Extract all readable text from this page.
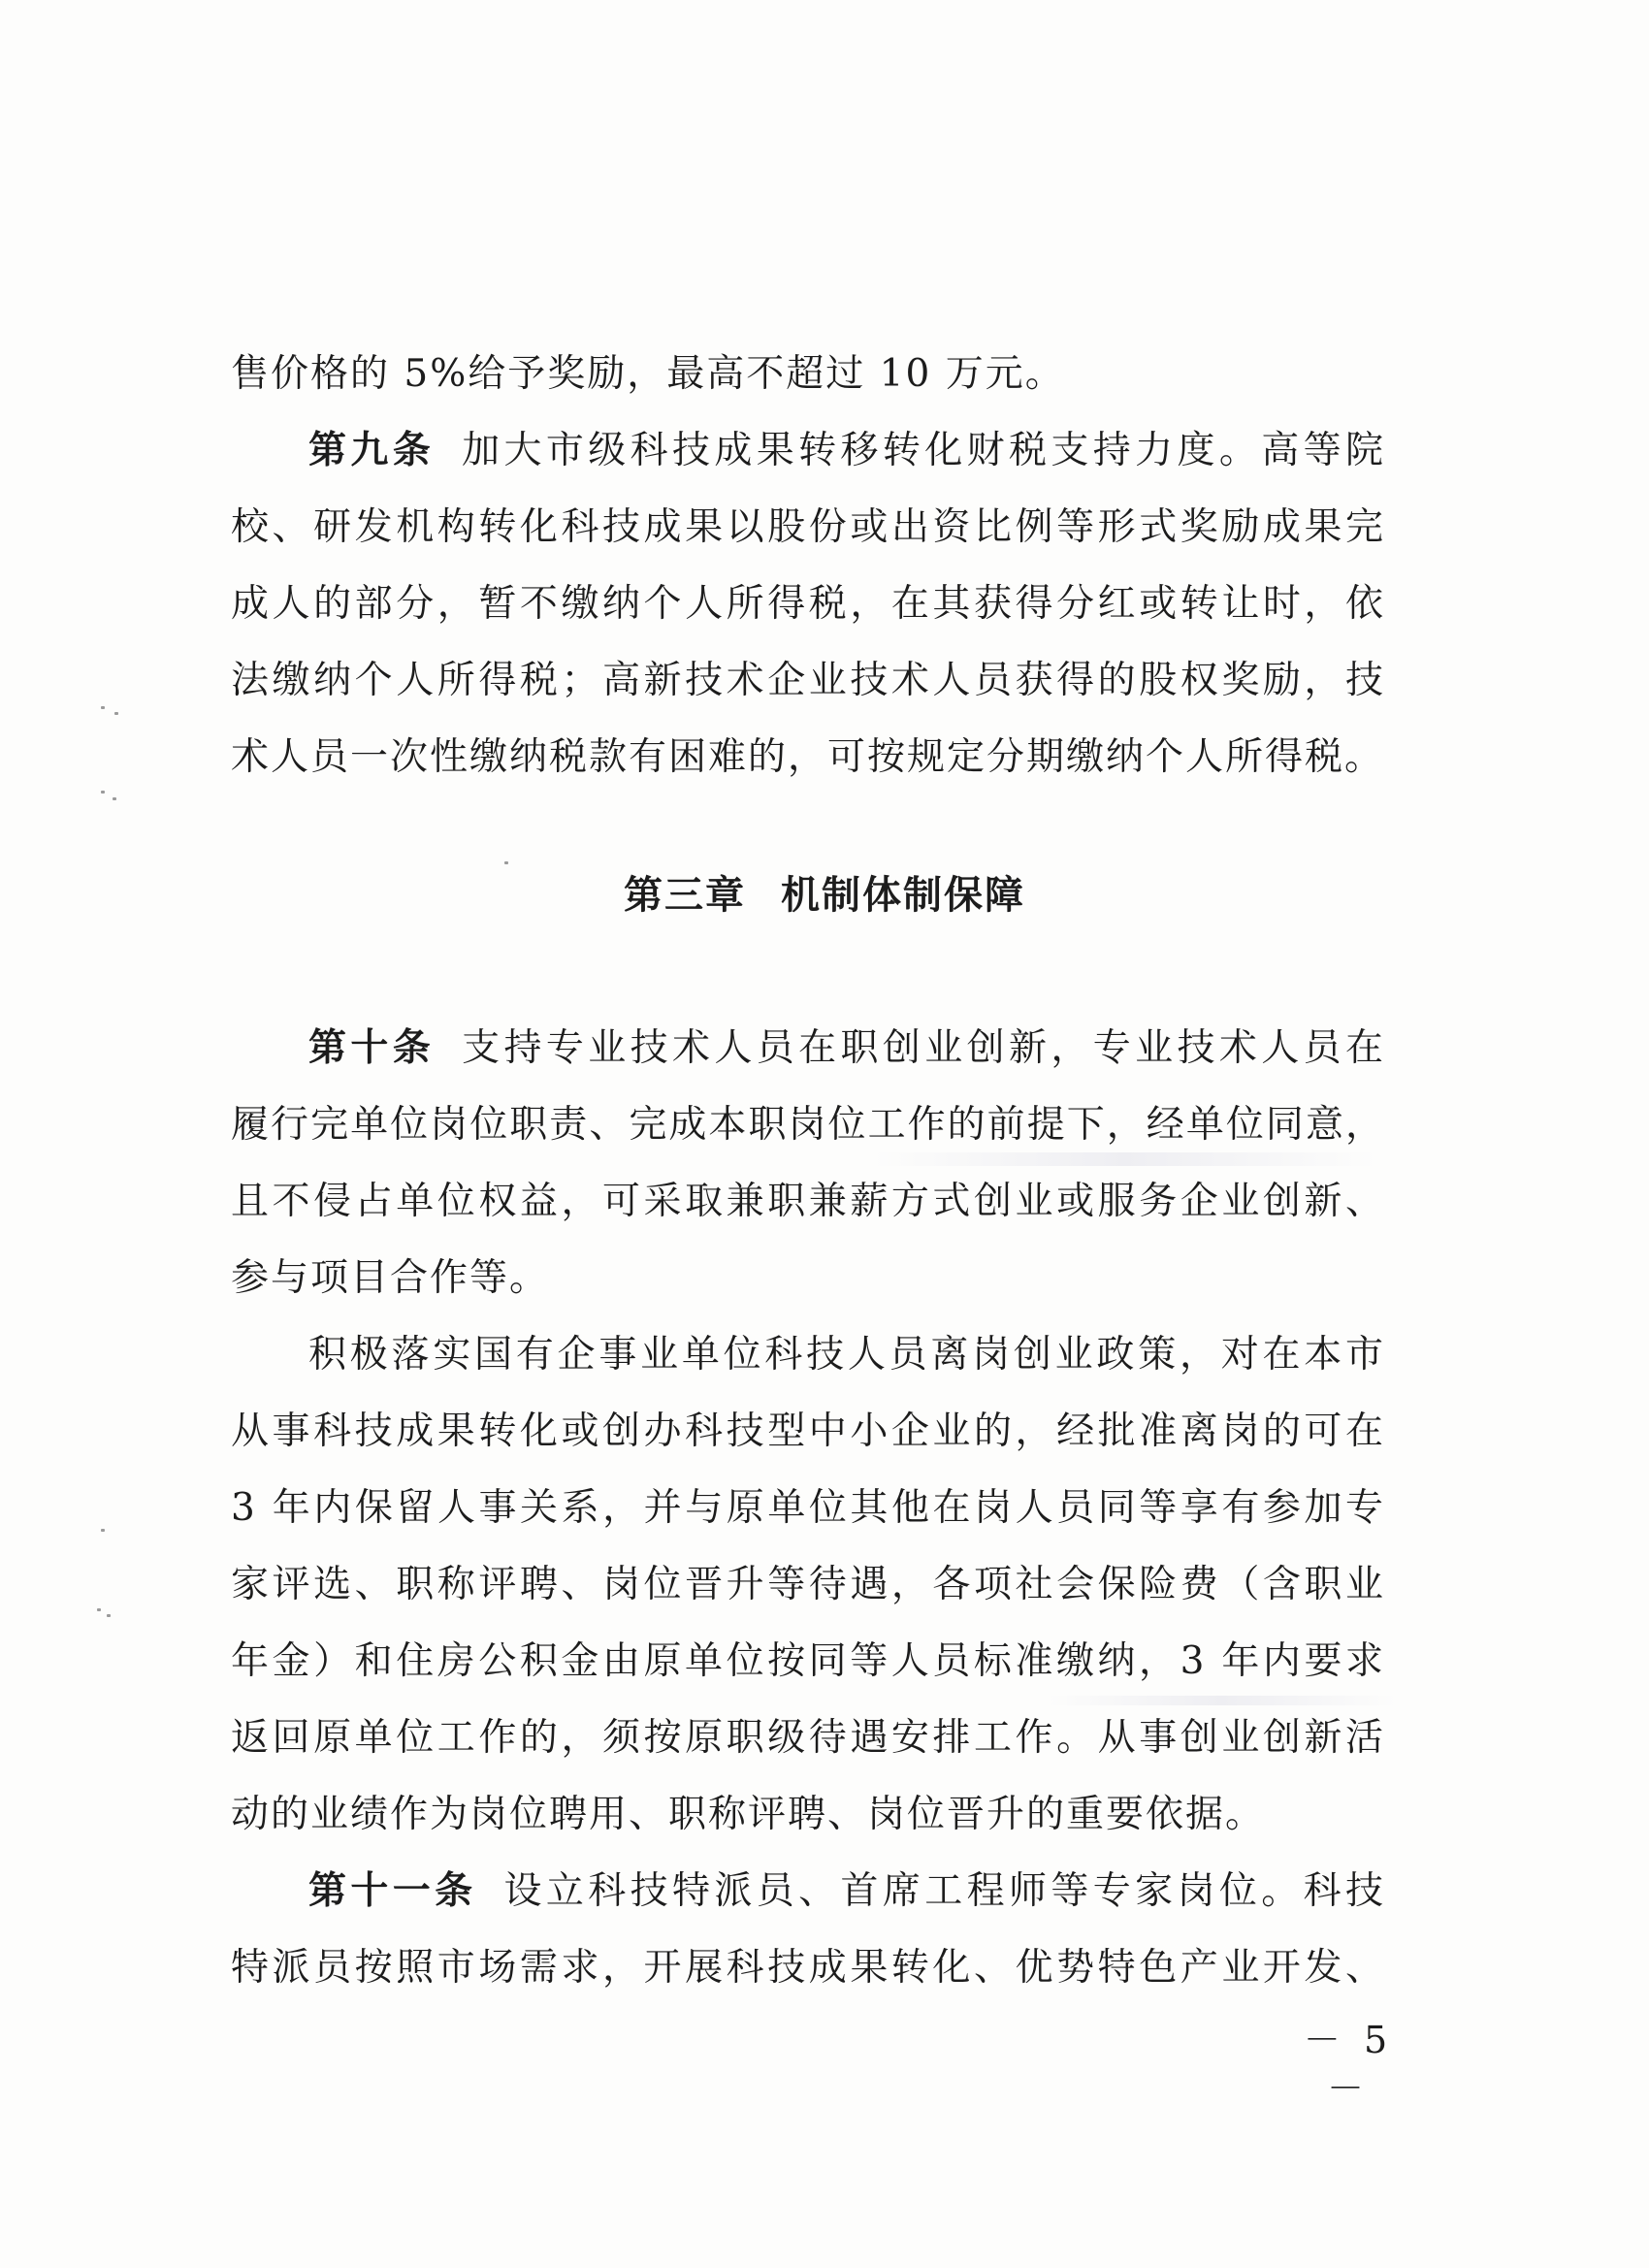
售价格的 5%给予奖励，最高不超过 10 万元。

第九条 加大市级科技成果转移转化财税支持力度。高等院

校、研发机构转化科技成果以股份或出资比例等形式奖励成果完

成人的部分，暂不缴纳个人所得税，在其获得分红或转让时，依

法缴纳个人所得税；高新技术企业技术人员获得的股权奖励，技

术人员一次性缴纳税款有困难的，可按规定分期缴纳个人所得税。

第三章 机制体制保障

第十条 支持专业技术人员在职创业创新，专业技术人员在

履行完单位岗位职责、完成本职岗位工作的前提下，经单位同意，

且不侵占单位权益，可采取兼职兼薪方式创业或服务企业创新、

参与项目合作等。

积极落实国有企事业单位科技人员离岗创业政策，对在本市

从事科技成果转化或创办科技型中小企业的，经批准离岗的可在

3 年内保留人事关系，并与原单位其他在岗人员同等享有参加专

家评选、职称评聘、岗位晋升等待遇，各项社会保险费（含职业

年金）和住房公积金由原单位按同等人员标准缴纳，3 年内要求

返回原单位工作的，须按原职级待遇安排工作。从事创业创新活

动的业绩作为岗位聘用、职称评聘、岗位晋升的重要依据。

第十一条 设立科技特派员、首席工程师等专家岗位。科技

特派员按照市场需求，开展科技成果转化、优势特色产业开发、

－ 5 －
